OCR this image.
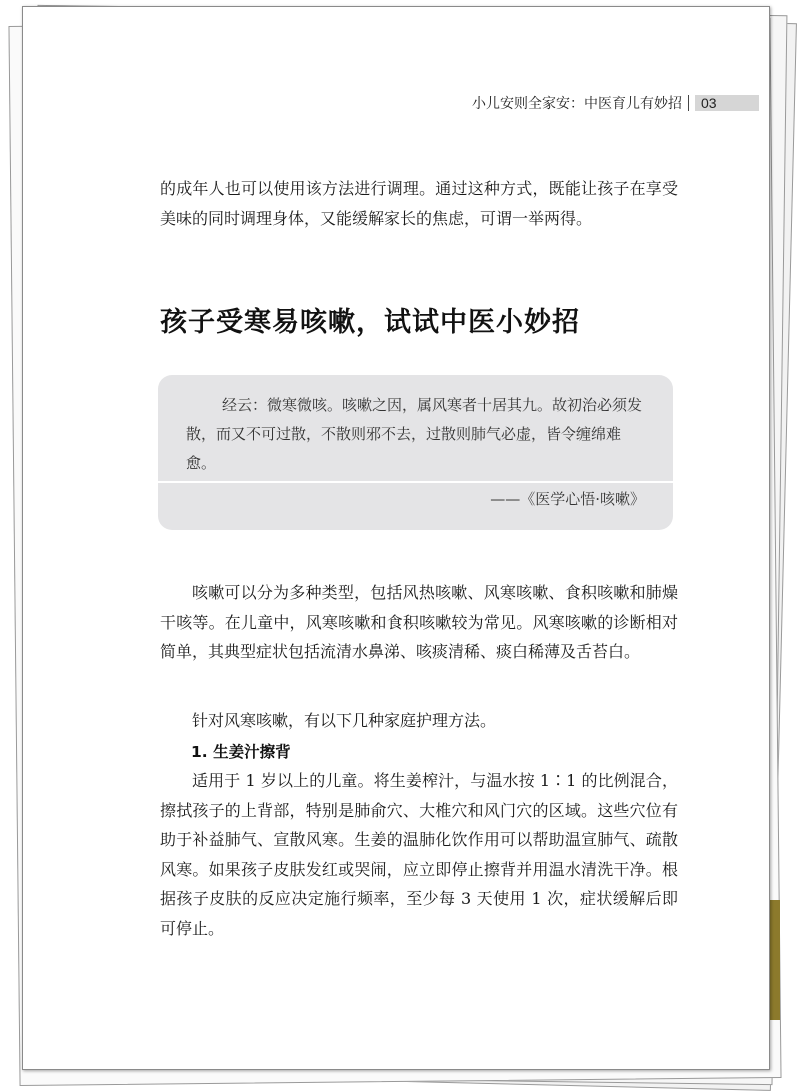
小儿安则全家安：中医育儿有妙招	03

的成年人也可以使用该方法进行调理。通过这种方式，既能让孩子在享受美味的同时调理身体，又能缓解家长的焦虑，可谓一举两得。

孩子受寒易咳嗽，试试中医小妙招
经云：微寒微咳。咳嗽之因，属风寒者十居其九。故初治必须发散，而又不可过散，不散则邪不去，过散则肺气必虚，皆令缠绵难愈。
——《医学心悟·咳嗽》

咳嗽可以分为多种类型，包括风热咳嗽、风寒咳嗽、食积咳嗽和肺燥干咳等。在儿童中，风寒咳嗽和食积咳嗽较为常见。风寒咳嗽的诊断相对简单，其典型症状包括流清水鼻涕、咳痰清稀、痰白稀薄及舌苔白。

针对风寒咳嗽，有以下几种家庭护理方法。

1. 生姜汁擦背

适用于 1 岁以上的儿童。将生姜榨汁，与温水按 1∶1 的比例混合，擦拭孩子的上背部，特别是肺俞穴、大椎穴和风门穴的区域。这些穴位有助于补益肺气、宣散风寒。生姜的温肺化饮作用可以帮助温宣肺气、疏散风寒。如果孩子皮肤发红或哭闹，应立即停止擦背并用温水清洗干净。根据孩子皮肤的反应决定施行频率，至少每 3 天使用 1 次，症状缓解后即可停止。
